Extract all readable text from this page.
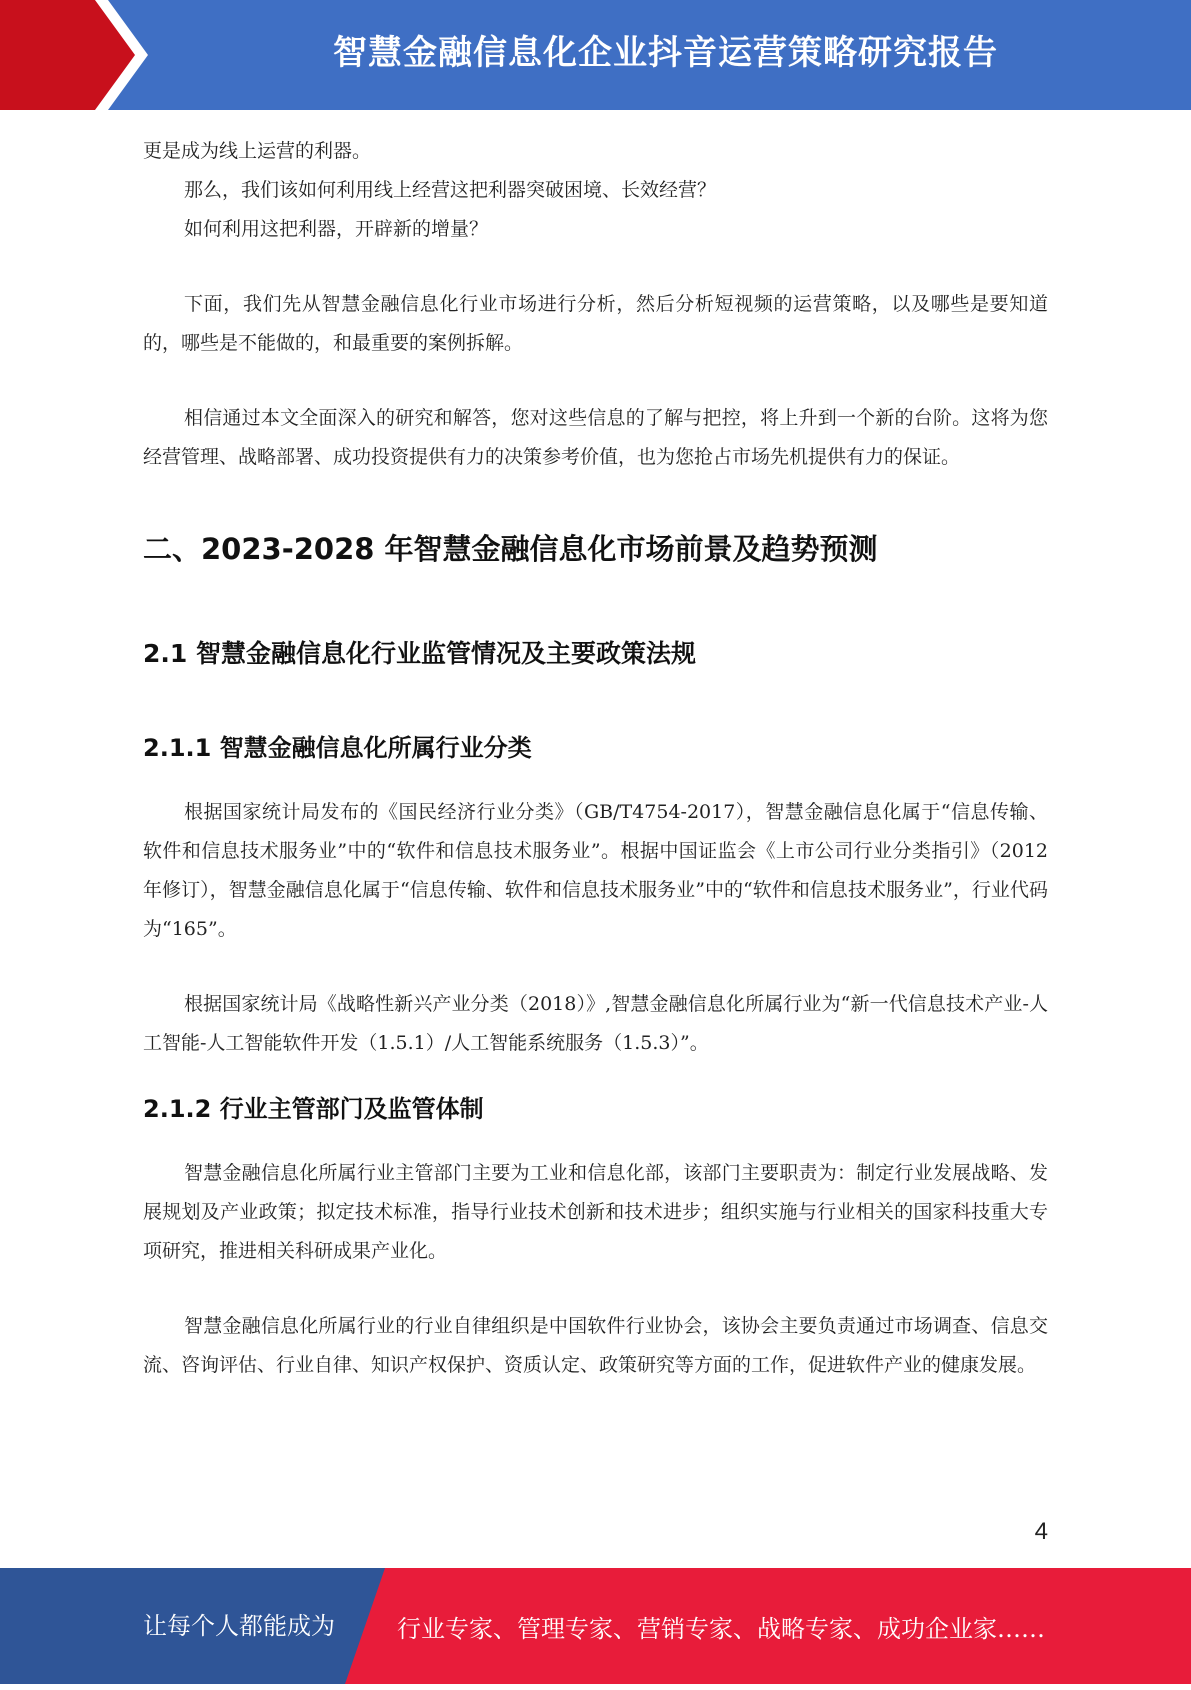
智慧金融信息化企业抖音运营策略研究报告

更是成为线上运营的利器。

那么，我们该如何利用线上经营这把利器突破困境、长效经营？

如何利用这把利器，开辟新的增量？

下面，我们先从智慧金融信息化行业市场进行分析，然后分析短视频的运营策略，以及哪些是要知道的，哪些是不能做的，和最重要的案例拆解。

相信通过本文全面深入的研究和解答，您对这些信息的了解与把控，将上升到一个新的台阶。这将为您经营管理、战略部署、成功投资提供有力的决策参考价值，也为您抢占市场先机提供有力的保证。

二、2023-2028 年智慧金融信息化市场前景及趋势预测
2.1 智慧金融信息化行业监管情况及主要政策法规
2.1.1 智慧金融信息化所属行业分类

根据国家统计局发布的《国民经济行业分类》（GB/T4754-2017），智慧金融信息化属于“信息传输、软件和信息技术服务业”中的“软件和信息技术服务业”。根据中国证监会《上市公司行业分类指引》（2012 年修订），智慧金融信息化属于“信息传输、软件和信息技术服务业”中的“软件和信息技术服务业”，行业代码为“165”。

根据国家统计局《战略性新兴产业分类（2018）》,智慧金融信息化所属行业为“新一代信息技术产业-人工智能-人工智能软件开发（1.5.1）/人工智能系统服务（1.5.3）”。

2.1.2 行业主管部门及监管体制

智慧金融信息化所属行业主管部门主要为工业和信息化部，该部门主要职责为：制定行业发展战略、发展规划及产业政策；拟定技术标准，指导行业技术创新和技术进步；组织实施与行业相关的国家科技重大专项研究，推进相关科研成果产业化。

智慧金融信息化所属行业的行业自律组织是中国软件行业协会，该协会主要负责通过市场调查、信息交流、咨询评估、行业自律、知识产权保护、资质认定、政策研究等方面的工作，促进软件产业的健康发展。

4
让每个人都能成为	行业专家、管理专家、营销专家、战略专家、成功企业家……
